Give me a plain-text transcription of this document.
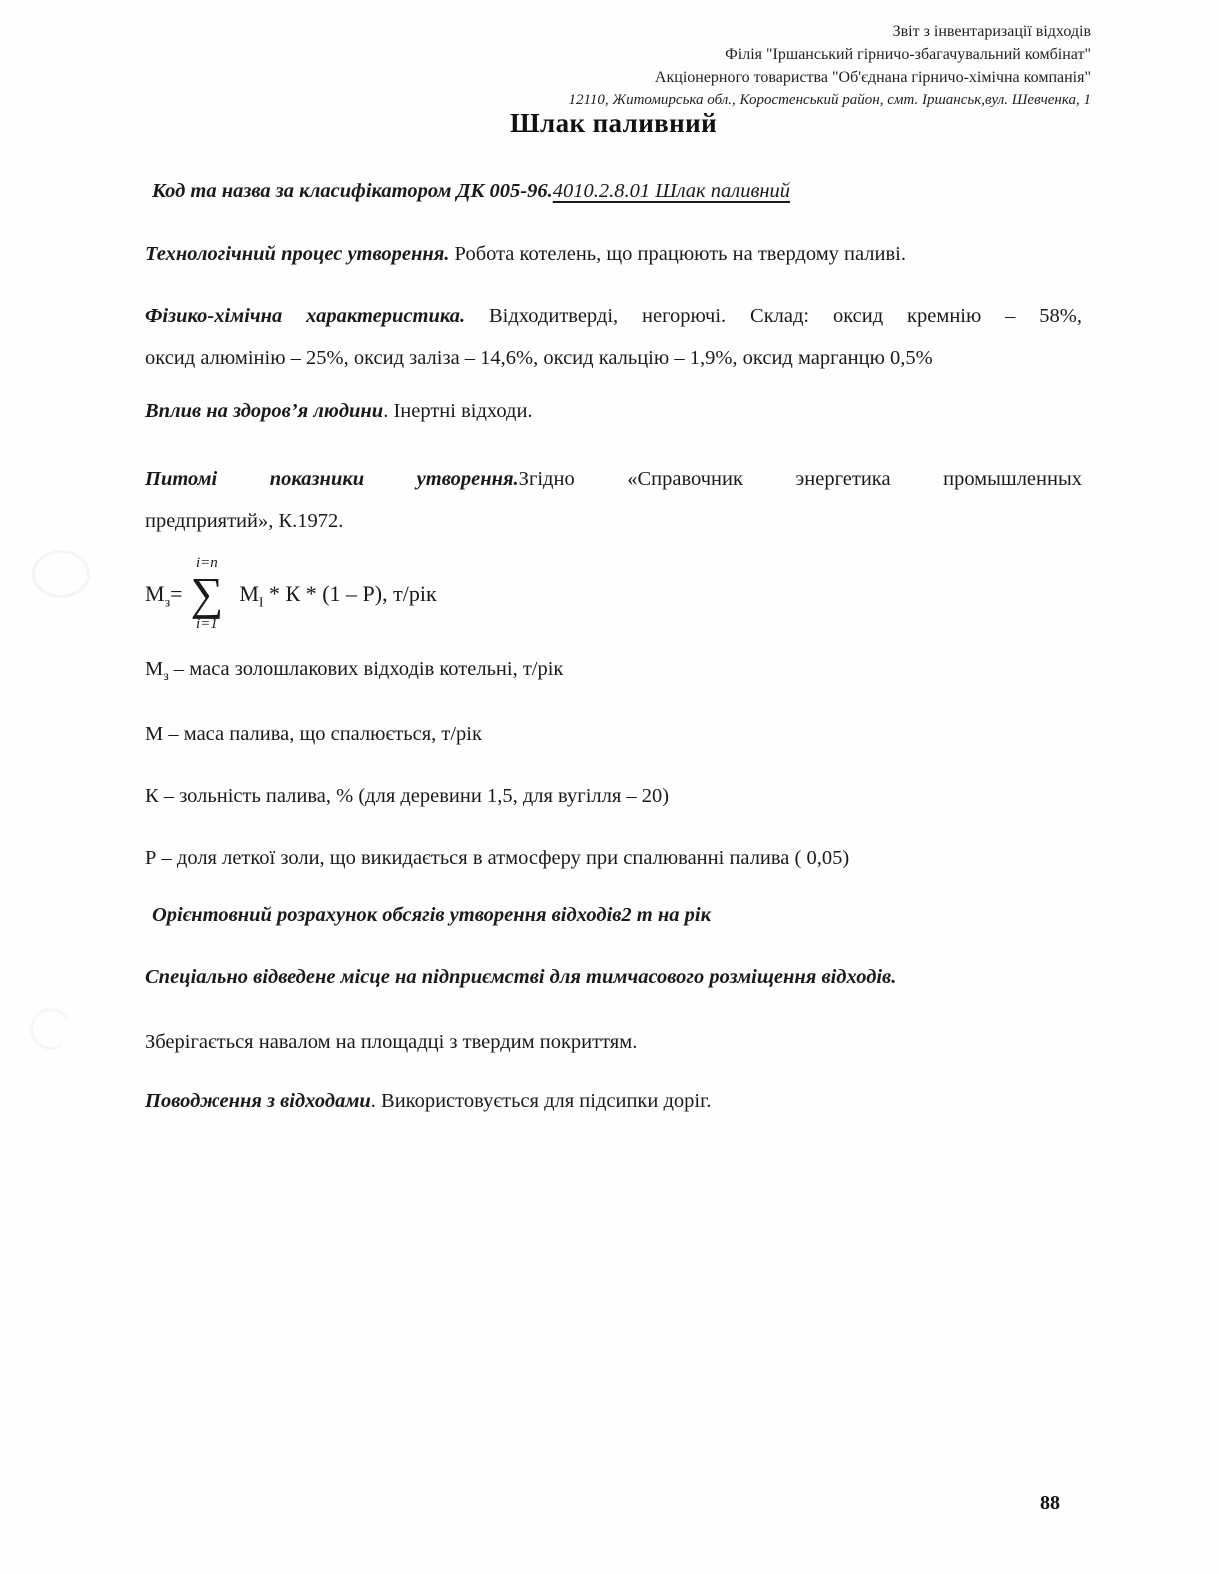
Звіт з інвентаризації відходів
Філія "Іршанський гірничо-збагачувальний комбінат"
Акціонерного товариства "Об'єднана гірничо-хімічна компанія"
12110, Житомирська обл., Коростенський район, смт. Іршанськ,вул. Шевченка, 1
Шлак паливний

Код та назва за класифікатором ДК 005-96.4010.2.8.01 Шлак паливний

Технологічний процес утворення. Робота котелень, що працюють на твердому паливі.

Фізико-хімічна характеристика. Відходитверді, негорючі. Склад: оксид кремнію – 58%,
оксид алюмінію – 25%, оксид заліза – 14,6%, оксид кальцію – 1,9%, оксид марганцю 0,5%

Вплив на здоров’я людини. Інертні відходи.

Питомі показники утворення.Згідно «Справочник энергетика промышленных
предприятий», К.1972.
$М_з=$
i=n
∑
i=1
$М_І$ * К * (1 – Р), т/рік

$М_з$ – маса золошлакових відходів котельні, т/рік

М – маса палива, що спалюється, т/рік

К – зольність палива, % (для деревини 1,5, для вугілля – 20)

Р – доля леткої золи, що викидається в атмосферу при спалюванні палива ( 0,05)

Орієнтовний розрахунок обсягів утворення відходів2 т на рік

Спеціально відведене місце на підприємстві для тимчасового розміщення відходів.

Зберігається навалом на площадці з твердим покриттям.

Поводження з відходами. Використовується для підсипки доріг.

88
